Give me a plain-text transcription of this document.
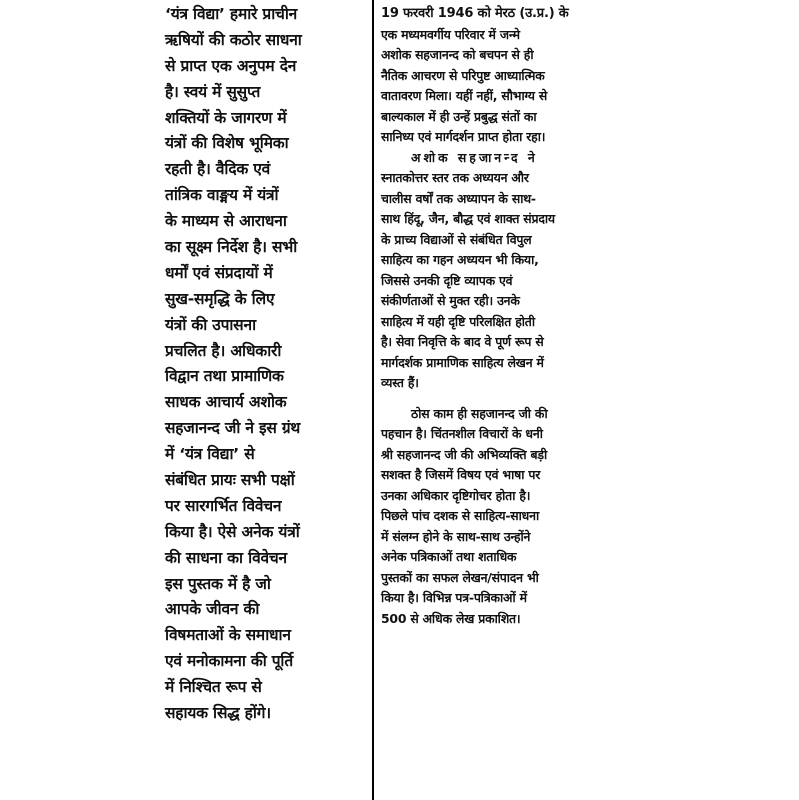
‘यंत्र विद्या’ हमारे प्राचीन
ऋषियों की कठोर साधना
से प्राप्त एक अनुपम देन
है। स्वयं में सुसुप्त
शक्तियों के जागरण में
यंत्रों की विशेष भूमिका
रहती है। वैदिक एवं
तांत्रिक वाङ्मय में यंत्रों
के माध्यम से आराधना
का सूक्ष्म निर्देश है। सभी
धर्मों एवं संप्रदायों में
सुख-समृद्धि के लिए
यंत्रों की उपासना
प्रचलित है। अधिकारी
विद्वान तथा प्रामाणिक
साधक आचार्य अशोक
सहजानन्द जी ने इस ग्रंथ
में ‘यंत्र विद्या’ से
संबंधित प्रायः सभी पक्षों
पर सारगर्भित विवेचन
किया है। ऐसे अनेक यंत्रों
की साधना का विवेचन
इस पुस्तक में है जो
आपके जीवन की
विषमताओं के समाधान
एवं मनोकामना की पूर्ति
में निश्चित रूप से
सहायक सिद्ध होंगे।
19 फरवरी 1946 को मेरठ (उ.प्र.) के
एक मध्यमवर्गीय परिवार में जन्मे
अशोक सहजानन्द को बचपन से ही
नैतिक आचरण से परिपुष्ट आध्यात्मिक
वातावरण मिला। यहीं नहीं, सौभाग्य से
बाल्यकाल में ही उन्हें प्रबुद्ध संतों का
सानिध्य एवं मार्गदर्शन प्राप्त होता रहा।
अशोक सहजानन्द ने
स्नातकोत्तर स्तर तक अध्ययन और
चालीस वर्षों तक अध्यापन के साथ-
साथ हिंदू, जैन, बौद्ध एवं शाक्त संप्रदाय
के प्राच्य विद्याओं से संबंधित विपुल
साहित्य का गहन अध्ययन भी किया,
जिससे उनकी दृष्टि व्यापक एवं
संकीर्णताओं से मुक्त रही। उनके
साहित्य में यही दृष्टि परिलक्षित होती
है। सेवा निवृत्ति के बाद वे पूर्ण रूप से
मार्गदर्शक प्रामाणिक साहित्य लेखन में
व्यस्त हैं।
ठोस काम ही सहजानन्द जी की
पहचान है। चिंतनशील विचारों के धनी
श्री सहजानन्द जी की अभिव्यक्ति बड़ी
सशक्त है जिसमें विषय एवं भाषा पर
उनका अधिकार दृष्टिगोचर होता है।
पिछले पांच दशक से साहित्य-साधना
में संलग्न होने के साथ-साथ उन्होंने
अनेक पत्रिकाओं तथा शताधिक
पुस्तकों का सफल लेखन/संपादन भी
किया है। विभिन्न पत्र-पत्रिकाओं में
500 से अधिक लेख प्रकाशित।
